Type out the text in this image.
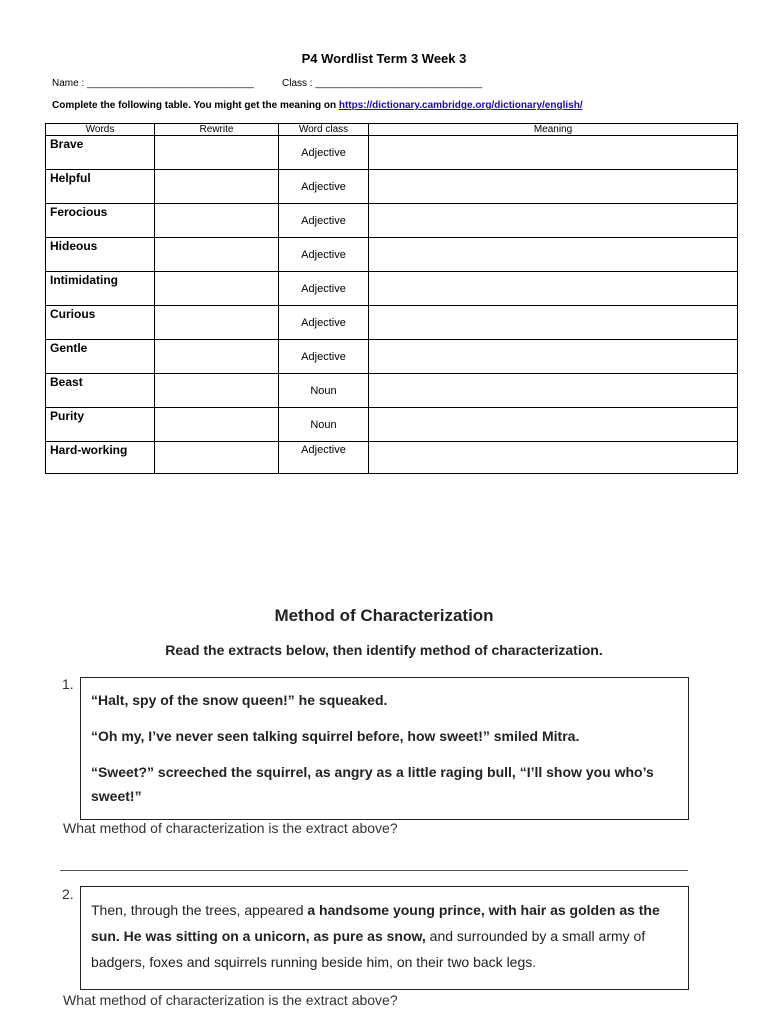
P4 Wordlist Term 3 Week 3
Name : ______________________________	Class : ______________________________
Complete the following table. You might get the meaning on https://dictionary.cambridge.org/dictionary/english/
Words	Rewrite	Word class	Meaning
Brave		Adjective	

Helpful		Adjective	

Ferocious		Adjective	

Hideous		Adjective	

Intimidating		Adjective	

Curious		Adjective	

Gentle		Adjective	

Beast		Noun	

Purity		Noun	

Hard-working		Adjective	

Method of Characterization
Read the extracts below, then identify method of characterization.
1.

“Halt, spy of the snow queen!” he squeaked.

“Oh my, I’ve never seen talking squirrel before, how sweet!” smiled Mitra.

“Sweet?” screeched the squirrel, as angry as a little raging bull, “I’ll show you who’s sweet!”

What method of characterization is the extract above?
2.
Then, through the trees, appeared a handsome young prince, with hair as golden as the sun. He was sitting on a unicorn, as pure as snow, and surrounded by a small army of badgers, foxes and squirrels running beside him, on their two back legs.
What method of characterization is the extract above?
